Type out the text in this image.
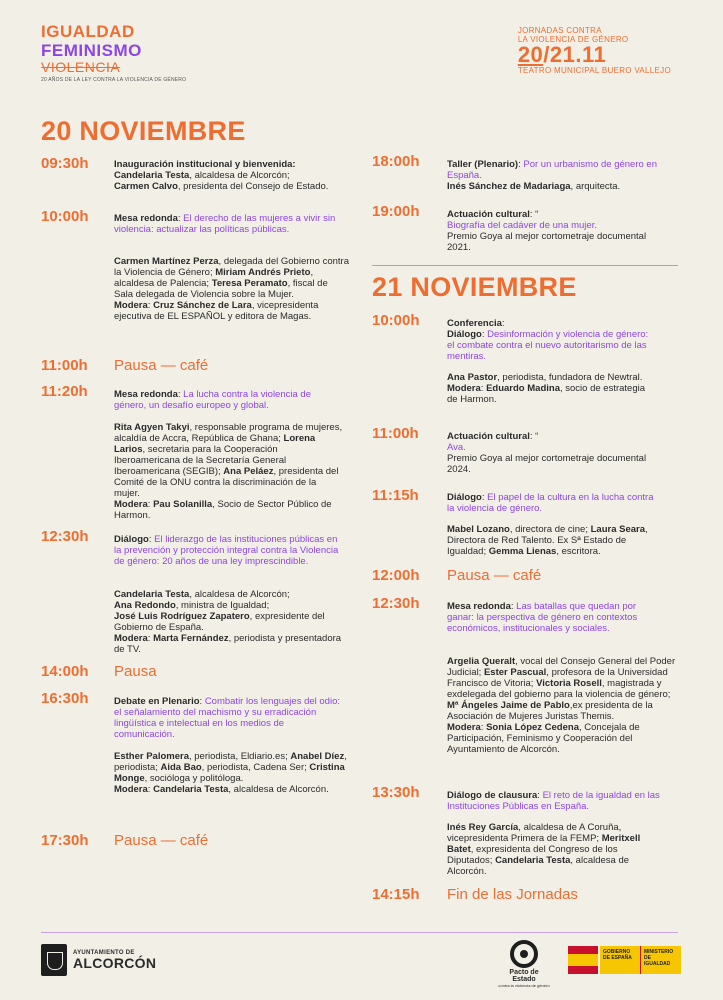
IGUALDAD
FEMINISMO
VIOLENCIA
20 AÑOS DE LA LEY CONTRA LA VIOLENCIA DE GÉNERO
JORNADAS CONTRA
LA VIOLENCIA DE GÉNERO
20/21.11
TEATRO MUNICIPAL BUERO VALLEJO
20 NOVIEMBRE
09:30h	Inauguración institucional y bienvenida:
Candelaria Testa, alcaldesa de Alcorcón;
Carmen Calvo, presidenta del Consejo de Estado.
10:00h	Mesa redonda: El derecho de las mujeres a vivir sin violencia: actualizar las políticas públicas.
Carmen Martínez Perza, delegada del Gobierno contra la Violencia de Género; Miriam Andrés Prieto, alcaldesa de Palencia; Teresa Peramato, fiscal de Sala delegada de Violencia sobre la Mujer.
Modera: Cruz Sánchez de Lara, vicepresidenta ejecutiva de EL ESPAÑOL y editora de Magas.
11:00h Pausa — café
11:20h	Mesa redonda: La lucha contra la violencia de género, un desafío europeo y global.
Rita Agyen Takyi, responsable programa de mujeres, alcaldía de Accra, República de Ghana; Lorena Larios, secretaria para la Cooperación Iberoamericana de la Secretaría General Iberoamericana (SEGIB); Ana Peláez, presidenta del Comité de la ONU contra la discriminación de la mujer.
Modera: Pau Solanilla, Socio de Sector Público de Harmon.
12:30h	Diálogo: El liderazgo de las instituciones públicas en la prevención y protección integral contra la Violencia de género: 20 años de una ley imprescindible.
Candelaria Testa, alcaldesa de Alcorcón;
Ana Redondo, ministra de Igualdad;
José Luis Rodríguez Zapatero, expresidente del Gobierno de España.
Modera: Marta Fernández, periodista y presentadora de TV.
14:00h Pausa
16:30h	Debate en Plenario: Combatir los lenguajes del odio: el señalamiento del machismo y su erradicación lingüística e intelectual en los medios de comunicación.
Esther Palomera, periodista, Eldiario.es; Anabel Díez, periodista; Aida Bao, periodista, Cadena Ser; Cristina Monge, socióloga y politóloga.
Modera: Candelaria Testa, alcaldesa de Alcorcón.
17:30h Pausa — café
18:00h	Taller (Plenario): Por un urbanismo de género en España.
Inés Sánchez de Madariaga, arquitecta.
19:00h	Actuación cultural: “
Biografía del cadáver de una mujer.
Premio Goya al mejor cortometraje documental 2021.
21 NOVIEMBRE
10:00h	Conferencia:
Diálogo: Desinformación y violencia de género: el combate contra el nuevo autoritarismo de las mentiras.
Ana Pastor, periodista, fundadora de Newtral.
Modera: Eduardo Madina, socio de estrategia de Harmon.
11:00h	Actuación cultural: “
Ava.
Premio Goya al mejor cortometraje documental 2024.
11:15h	Diálogo: El papel de la cultura en la lucha contra la violencia de género.
Mabel Lozano, directora de cine; Laura Seara, Directora de Red Talento. Ex Sª Estado de Igualdad; Gemma Lienas, escritora.
12:00h Pausa — café
12:30h	Mesa redonda: Las batallas que quedan por ganar: la perspectiva de género en contextos económicos, institucionales y sociales.
Argelia Queralt, vocal del Consejo General del Poder Judicial; Ester Pascual, profesora de la Universidad Francisco de Vitoria; Victoria Rosell, magistrada y exdelegada del gobierno para la violencia de género; Mª Ángeles Jaime de Pablo,ex presidenta de la Asociación de Mujeres Juristas Themis.
Modera: Sonia López Cedena, Concejala de Participación, Feminismo y Cooperación del Ayuntamiento de Alcorcón.
13:30h	Diálogo de clausura: El reto de la igualdad en las Instituciones Públicas en España.
Inés Rey García, alcaldesa de A Coruña, vicepresidenta Primera de la FEMP; Meritxell Batet, expresidenta del Congreso de los Diputados; Candelaria Testa, alcaldesa de Alcorcón.
14:15h Fin de las Jornadas
AYUNTAMIENTO DE
ALCORCÓN
Pacto de Estado
contra la violencia de género
GOBIERNO DE ESPAÑA
MINISTERIO DE IGUALDAD
